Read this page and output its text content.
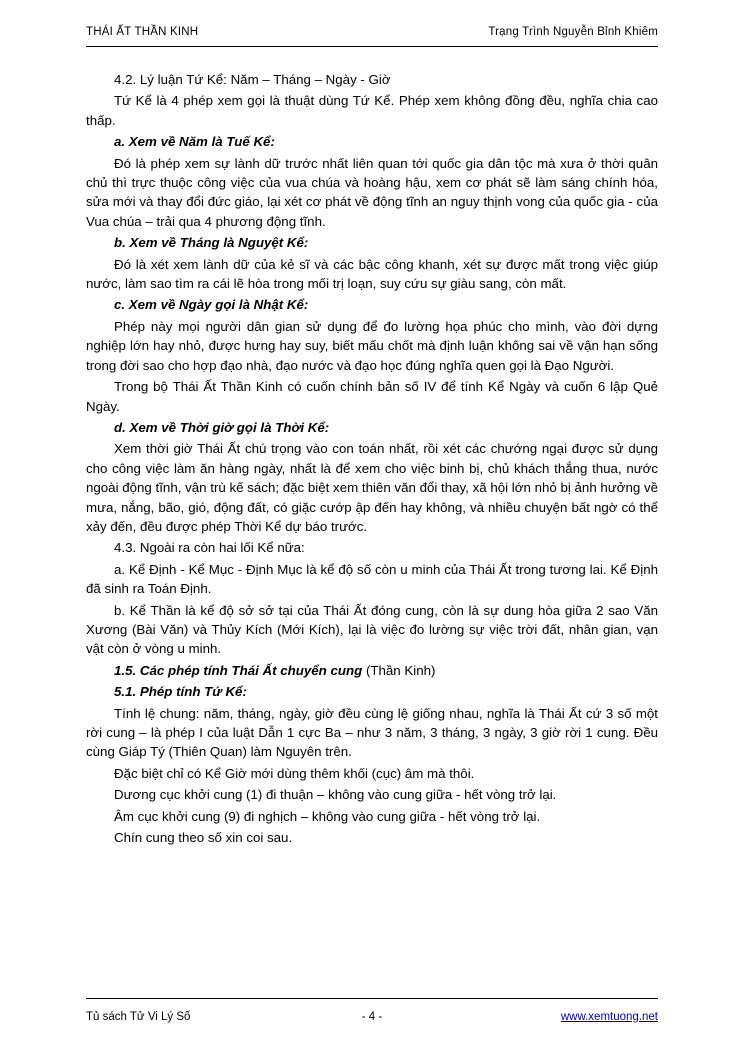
THÁI ẤT THẦN KINH	Trạng Trình Nguyễn Bỉnh Khiêm

4.2. Lý luận Tứ Kể: Năm – Tháng – Ngày - Giờ

Tứ Kể là 4 phép xem gọi là thuật dùng Tứ Kể. Phép xem không đồng đều, nghĩa chia cao thấp.

a. Xem về Năm là Tuế Kể:

Đó là phép xem sự lành dữ trước nhất liên quan tới quốc gia dân tộc mà xưa ở thời quân chủ thì trực thuộc công việc của vua chúa và hoàng hậu, xem cơ phát sẽ làm sáng chính hóa, sửa mới và thay đổi đức giáo, lại xét cơ phát về động tĩnh an nguy thịnh vong của quốc gia - của Vua chúa – trải qua 4 phương động tĩnh.

b. Xem về Tháng là Nguyệt Kể:

Đó là xét xem lành dữ của kẻ sĩ và các bậc công khanh, xét sự được mất trong việc giúp nước, làm sao tìm ra cái lẽ hòa trong mối trị loạn, suy cứu sự giàu sang, còn mất.

c. Xem về Ngày gọi là Nhật Kể:

Phép này mọi người dân gian sử dụng để đo lường họa phúc cho mình, vào đời dựng nghiệp lớn hay nhỏ, được hưng hay suy, biết mấu chốt mà định luận không sai về vận hạn sống trong đời sao cho hợp đạo nhà, đạo nước và đạo học đúng nghĩa quen gọi là Đạo Người.

Trong bộ Thái Ất Thần Kinh có cuốn chính bản số IV để tính Kể Ngày và cuốn 6 lập Quẻ Ngày.

d. Xem về Thời giờ gọi là Thời Kể:

Xem thời giờ Thái Ất chú trọng vào con toán nhất, rồi xét các chướng ngại được sử dụng cho công việc làm ăn hàng ngày, nhất là để xem cho việc binh bị, chủ khách thắng thua, nước ngoài động tĩnh, vận trù kế sách; đặc biệt xem thiên văn đổi thay, xã hội lớn nhỏ bị ảnh hưởng về mưa, nắng, bão, gió, động đất, có giặc cướp ập đến hay không, và nhiều chuyện bất ngờ có thể xảy đến, đều được phép Thời Kể dự báo trước.

4.3. Ngoài ra còn hai lối Kể nữa:

a. Kể Định - Kể Mục - Định Mục là kể độ số còn u minh của Thái Ất trong tương lai. Kể Định đã sinh ra Toán Định.

b. Kể Thần là kể độ sở sở tại của Thái Ất đóng cung, còn là sự dung hòa giữa 2 sao Văn Xương (Bài Văn) và Thủy Kích (Mới Kích), lại là việc đo lường sự việc trời đất, nhân gian, vạn vật còn ở vòng u minh.

1.5. Các phép tính Thái Ất chuyển cung (Thần Kinh)

5.1. Phép tính Tứ Kể:

Tính lệ chung: năm, tháng, ngày, giờ đều cùng lệ giống nhau, nghĩa là Thái Ất cứ 3 số một rời cung – là phép I của luật Dẫn 1 cực Ba – như 3 năm, 3 tháng, 3 ngày, 3 giờ rời 1 cung. Đều cùng Giáp Tý (Thiên Quan) làm Nguyên trên.

Đặc biệt chỉ có Kể Giờ mới dùng thêm khối (cục) âm mà thôi.

Dương cục khởi cung (1) đi thuận – không vào cung giữa - hết vòng trở lại.

Âm cục khởi cung (9) đi nghịch – không vào cung giữa - hết vòng trở lại.

Chín cung theo số xin coi sau.

Tủ sách Tử Vi Lý Số	www.xemtuong.net
- 4 -
